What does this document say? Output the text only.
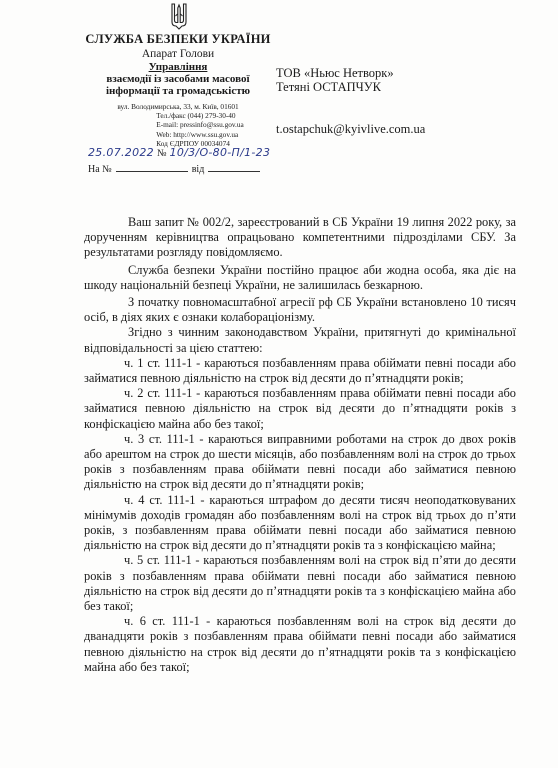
СЛУЖБА БЕЗПЕКИ УКРАЇНИ
Апарат Голови
Управління
взаємодії із засобами масової
інформації та громадськістю
вул. Володимирська, 33, м. Київ, 01601
Тел./факс (044) 279-30-40
E-mail: pressinfo@ssu.gov.ua
Web: http://www.ssu.gov.ua
Код ЄДРПОУ 00034074
25.07.2022 № 10/3/О-80-П/1-23
На №	від
ТОВ «Ньюс Нетворк»
Тетяні ОСТАПЧУК
t.ostapchuk@kyivlive.com.ua

Ваш запит № 002/2, зареєстрований в СБ України 19 липня 2022 року, за дорученням керівництва опрацьовано компетентними підрозділами СБУ. За результатами розгляду повідомляємо.

Служба безпеки України постійно працює аби жодна особа, яка діє на шкоду національній безпеці України, не залишилась безкарною.

З початку повномасштабної агресії рф СБ України встановлено 10 тисяч осіб, в діях яких є ознаки колабораціонізму.

Згідно з чинним законодавством України, притягнуті до кримінальної відповідальності за цією статтею:

ч. 1 ст. 111-1 - караються позбавленням права обіймати певні посади або займатися певною діяльністю на строк від десяти до п’ятнадцяти років;

ч. 2 ст. 111-1 - караються позбавленням права обіймати певні посади або займатися певною діяльністю на строк від десяти до п’ятнадцяти років з конфіскацією майна або без такої;

ч. 3 ст. 111-1 - караються виправними роботами на строк до двох років або арештом на строк до шести місяців, або позбавленням волі на строк до трьох років з позбавленням права обіймати певні посади або займатися певною діяльністю на строк від десяти до п’ятнадцяти років;

ч. 4 ст. 111-1 - караються штрафом до десяти тисяч неоподатковуваних мінімумів доходів громадян або позбавленням волі на строк від трьох до п’яти років, з позбавленням права обіймати певні посади або займатися певною діяльністю на строк від десяти до п’ятнадцяти років та з конфіскацією майна;

ч. 5 ст. 111-1 - караються позбавленням волі на строк від п’яти до десяти років з позбавленням права обіймати певні посади або займатися певною діяльністю на строк від десяти до п’ятнадцяти років та з конфіскацією майна або без такої;

ч. 6 ст. 111-1 - караються позбавленням волі на строк від десяти до дванадцяти років з позбавленням права обіймати певні посади або займатися певною діяльністю на строк від десяти до п’ятнадцяти років та з конфіскацією майна або без такої;
